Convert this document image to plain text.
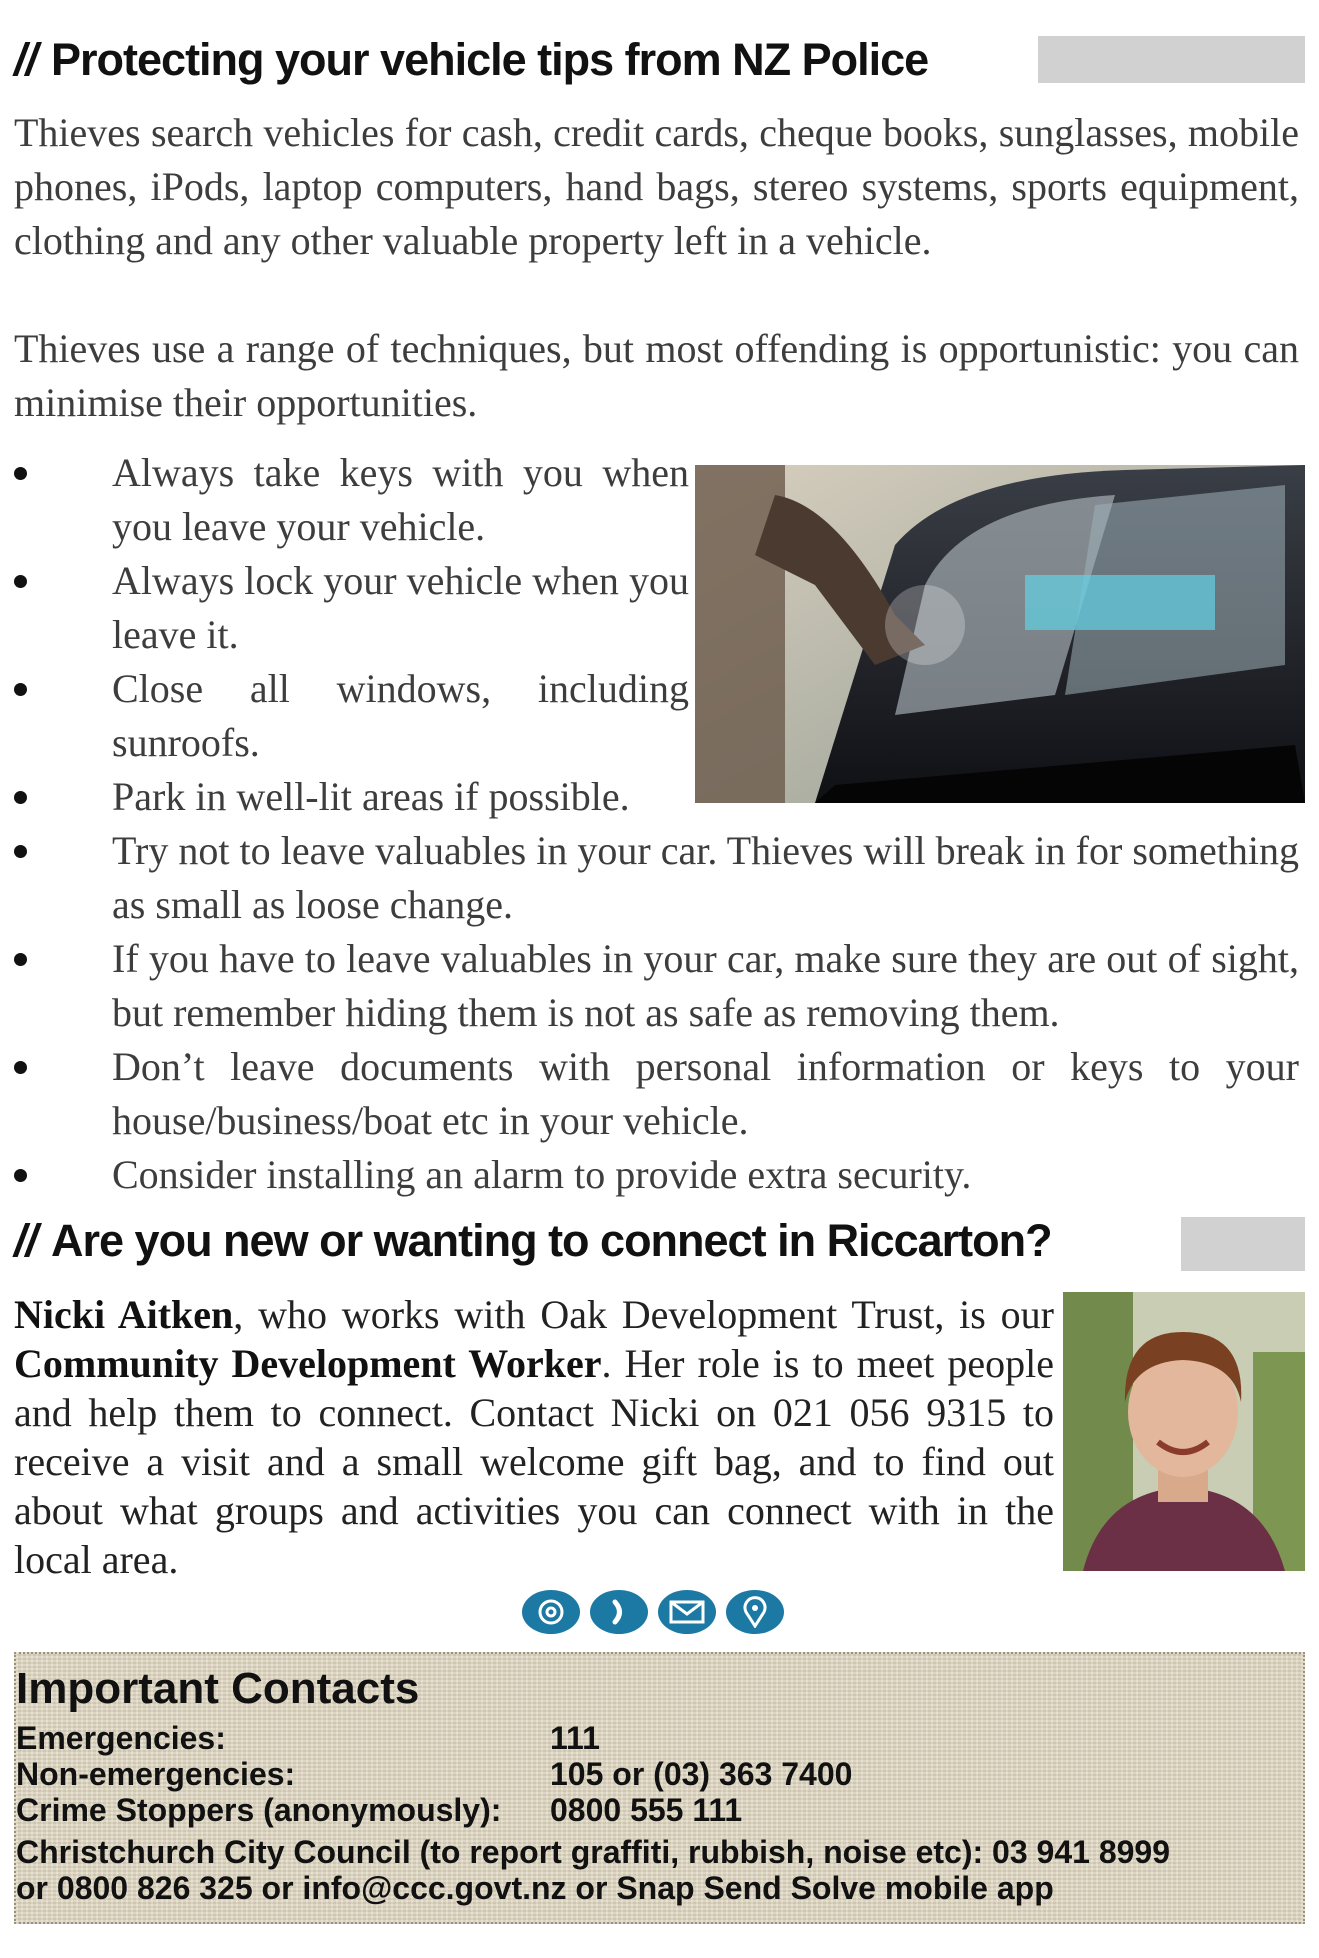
// Protecting your vehicle tips from NZ Police

Thieves search vehicles for cash, credit cards, cheque books, sunglasses, mobile phones, iPods, laptop computers, hand bags, stereo systems, sports equipment, clothing and any other valuable property left in a vehicle.

Thieves use a range of techniques, but most offending is opportunistic: you can minimise their opportunities.

Always take keys with you when you leave your vehicle.
Always lock your vehicle when you leave it.
Close all windows, including sunroofs.
Park in well-lit areas if possible.
Try not to leave valuables in your car. Thieves will break in for something as small as loose change.
If you have to leave valuables in your car, make sure they are out of sight, but remember hiding them is not as safe as removing them.
Don’t leave documents with personal information or keys to your house/business/boat etc in your vehicle.
Consider installing an alarm to provide extra security.
// Are you new or wanting to connect in Riccarton?

Nicki Aitken, who works with Oak Development Trust, is our Community Development Worker. Her role is to meet people and help them to connect. Contact Nicki on 021 056 9315 to receive a visit and a small welcome gift bag, and to find out about what groups and activities you can connect with in the local area.

Important Contacts
Emergencies:	111
Non-emergencies:	105 or (03) 363 7400
Crime Stoppers (anonymously): 0800 555 111
Christchurch City Council (to report graffiti, rubbish, noise etc): 03 941 8999
or 0800 826 325 or info@ccc.govt.nz or Snap Send Solve mobile app
